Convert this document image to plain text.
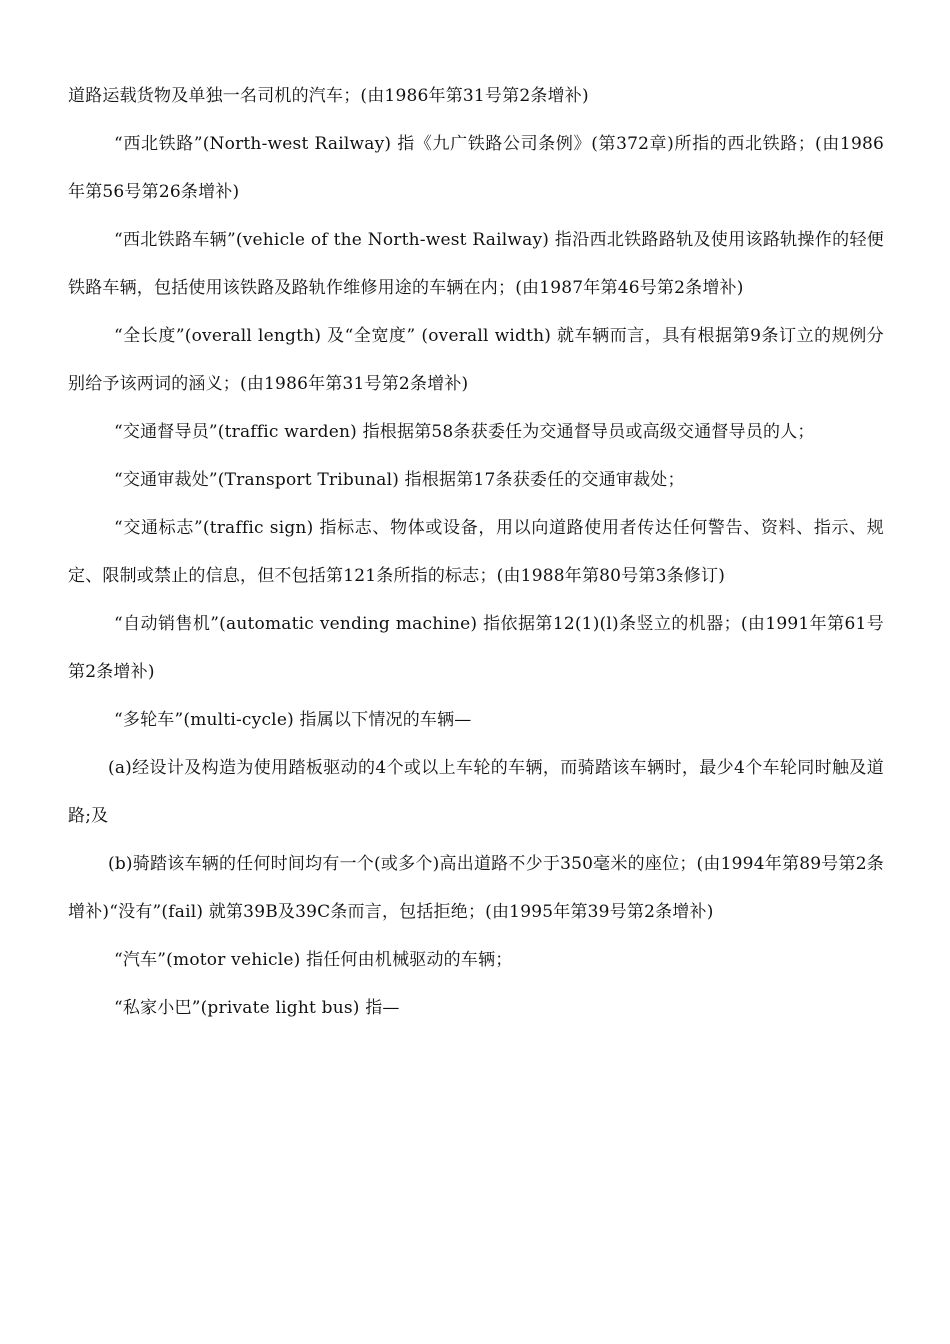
道路运载货物及单独一名司机的汽车；(由1986年第31号第2条增补)

“西北铁路”(North-west Railway) 指《九广铁路公司条例》(第372章)所指的西北铁路；(由1986年第56号第26条增补)

“西北铁路车辆”(vehicle of the North-west Railway) 指沿西北铁路路轨及使用该路轨操作的轻便铁路车辆，包括使用该铁路及路轨作维修用途的车辆在内；(由1987年第46号第2条增补)

“全长度”(overall length) 及“全宽度” (overall width) 就车辆而言，具有根据第9条订立的规例分别给予该两词的涵义；(由1986年第31号第2条增补)

“交通督导员”(traffic warden) 指根据第58条获委任为交通督导员或高级交通督导员的人；

“交通审裁处”(Transport Tribunal) 指根据第17条获委任的交通审裁处；

“交通标志”(traffic sign) 指标志、物体或设备，用以向道路使用者传达任何警告、资料、指示、规定、限制或禁止的信息，但不包括第121条所指的标志；(由1988年第80号第3条修订)

“自动销售机”(automatic vending machine) 指依据第12(1)(l)条竖立的机器；(由1991年第61号第2条增补)

“多轮车”(multi-cycle) 指属以下情况的车辆—

(a)经设计及构造为使用踏板驱动的4个或以上车轮的车辆，而骑踏该车辆时，最少4个车轮同时触及道路;及

(b)骑踏该车辆的任何时间均有一个(或多个)高出道路不少于350毫米的座位；(由1994年第89号第2条增补)“没有”(fail) 就第39B及39C条而言，包括拒绝；(由1995年第39号第2条增补)

“汽车”(motor vehicle) 指任何由机械驱动的车辆；

“私家小巴”(private light bus) 指—
